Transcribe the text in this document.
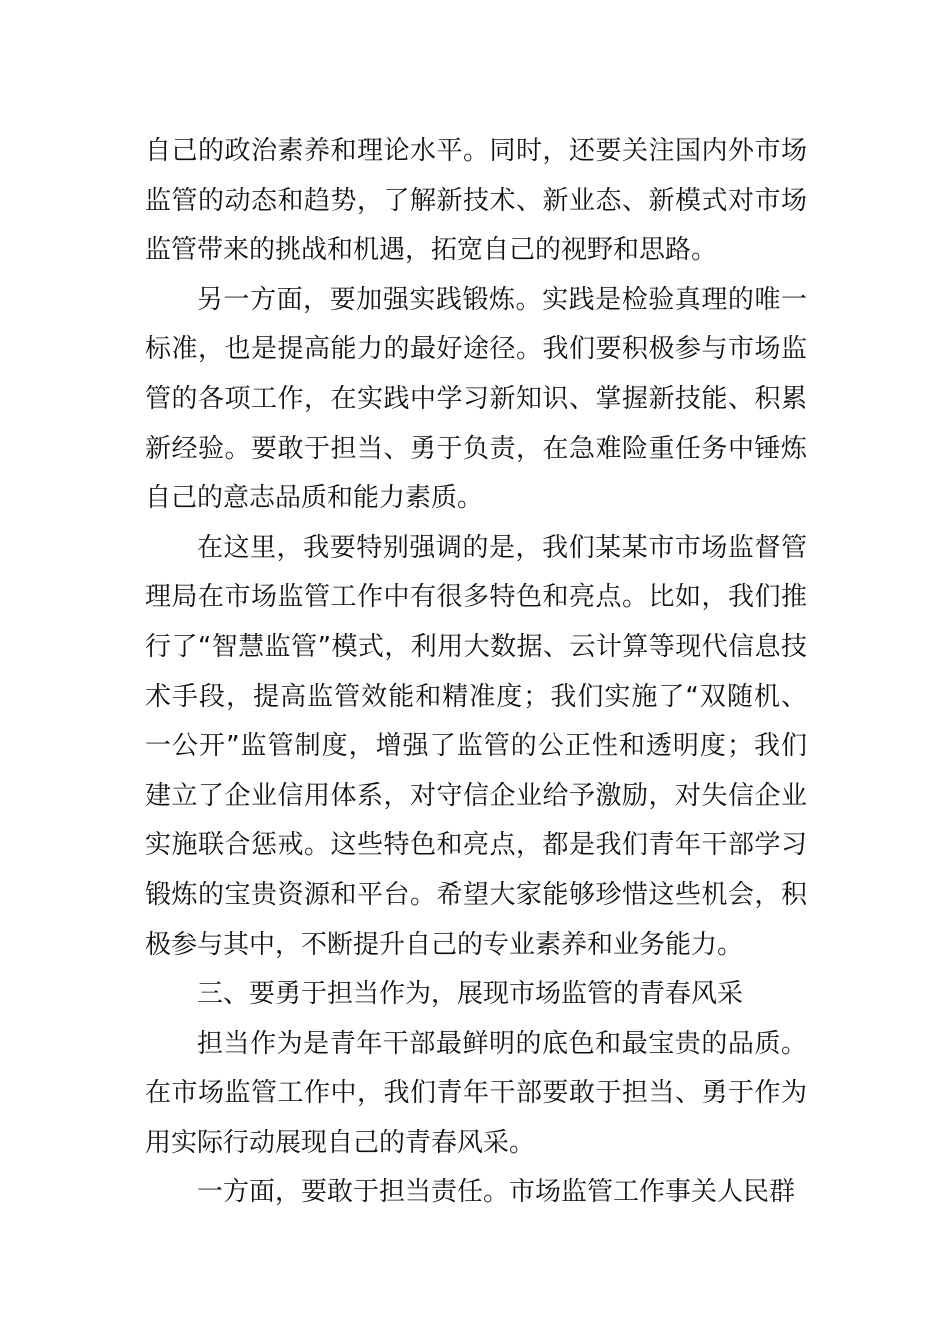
自己的政治素养和理论水平。同时，还要关注国内外市场监管的动态和趋势，了解新技术、新业态、新模式对市场监管带来的挑战和机遇，拓宽自己的视野和思路。

另一方面，要加强实践锻炼。实践是检验真理的唯一标准，也是提高能力的最好途径。我们要积极参与市场监管的各项工作，在实践中学习新知识、掌握新技能、积累新经验。要敢于担当、勇于负责，在急难险重任务中锤炼自己的意志品质和能力素质。

在这里，我要特别强调的是，我们某某市市场监督管理局在市场监管工作中有很多特色和亮点。比如，我们推行了“智慧监管”模式，利用大数据、云计算等现代信息技术手段，提高监管效能和精准度；我们实施了“双随机、一公开”监管制度，增强了监管的公正性和透明度；我们建立了企业信用体系，对守信企业给予激励，对失信企业实施联合惩戒。这些特色和亮点，都是我们青年干部学习锻炼的宝贵资源和平台。希望大家能够珍惜这些机会，积极参与其中，不断提升自己的专业素养和业务能力。

三、要勇于担当作为，展现市场监管的青春风采

担当作为是青年干部最鲜明的底色和最宝贵的品质。在市场监管工作中，我们青年干部要敢于担当、勇于作为用实际行动展现自己的青春风采。

一方面，要敢于担当责任。市场监管工作事关人民群
